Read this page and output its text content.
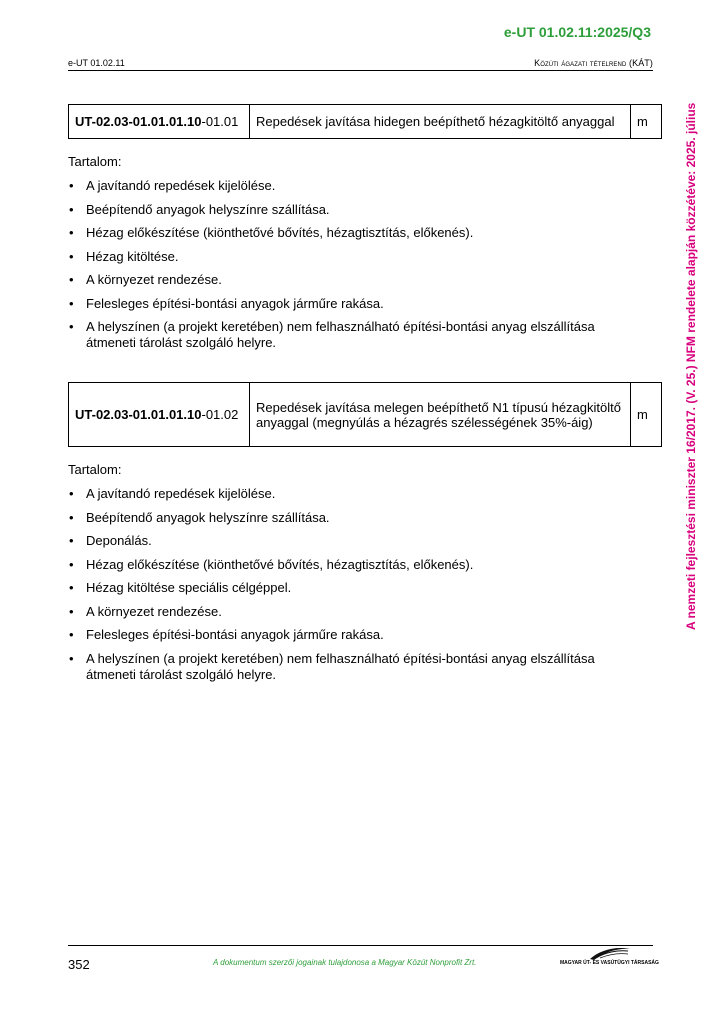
e-UT 01.02.11:2025/Q3
e-UT 01.02.11	Közúti ágazati tételrend (KÁT)
A nemzeti fejlesztési miniszter 16/2017. (V. 25.) NFM rendelete alapján közzétéve: 2025. július
UT-02.03-01.01.01.10-01.01	Repedések javítása hidegen beépíthető hézagkitöltő anyaggal	m
Tartalom:
• A javítandó repedések kijelölése.
• Beépítendő anyagok helyszínre szállítása.
• Hézag előkészítése (kiönthetővé bővítés, hézagtisztítás, előkenés).
• Hézag kitöltése.
• A környezet rendezése.
• Felesleges építési-bontási anyagok járműre rakása.
• A helyszínen (a projekt keretében) nem felhasználható építési-bontási anyag elszállítása átmeneti tárolást szolgáló helyre.
UT-02.03-01.01.01.10-01.02	Repedések javítása melegen beépíthető N1 típusú hézagkitöltő anyaggal (megnyúlás a hézagrés szélességének 35%-áig)	m
Tartalom:
• A javítandó repedések kijelölése.
• Beépítendő anyagok helyszínre szállítása.
• Deponálás.
• Hézag előkészítése (kiönthetővé bővítés, hézagtisztítás, előkenés).
• Hézag kitöltése speciális célgéppel.
• A környezet rendezése.
• Felesleges építési-bontási anyagok járműre rakása.
• A helyszínen (a projekt keretében) nem felhasználható építési-bontási anyag elszállítása átmeneti tárolást szolgáló helyre.
352	A dokumentum szerzői jogainak tulajdonosa a Magyar Közút Nonprofit Zrt.	MAGYAR ÚT- ÉS VASÚTÜGYI TÁRSASÁG
